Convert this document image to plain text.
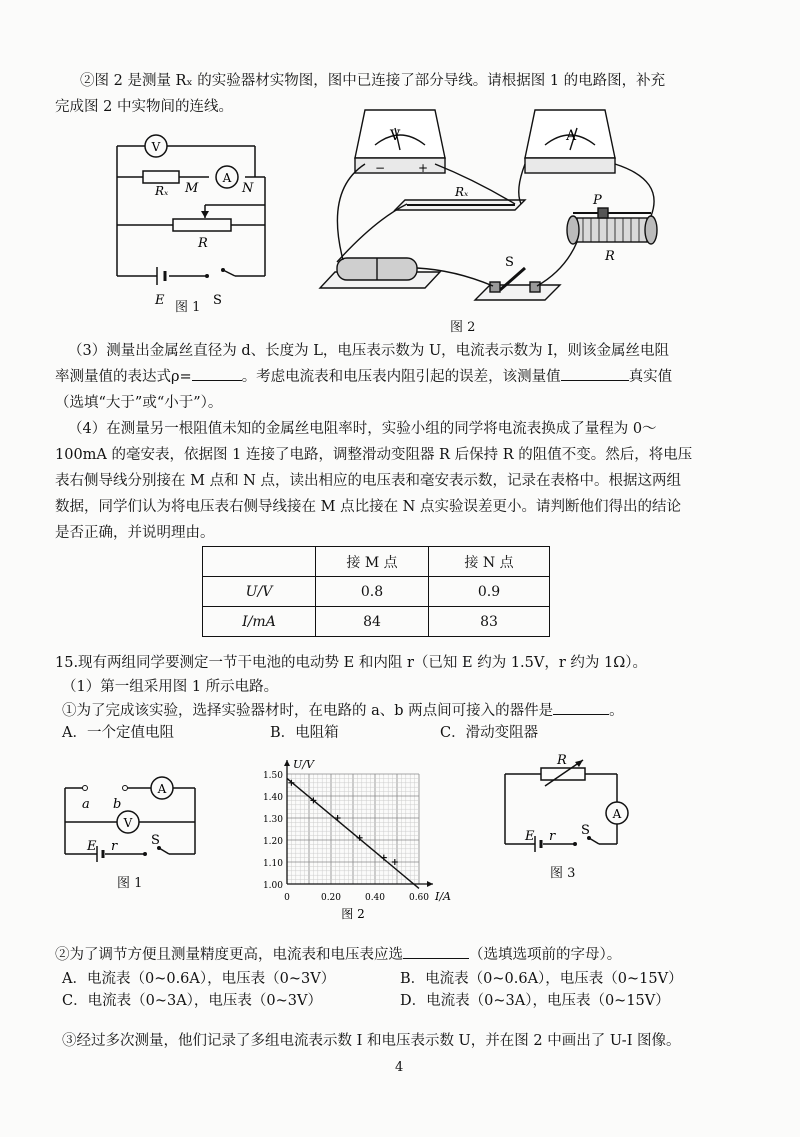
②图 2 是测量 Rₓ 的实验器材实物图，图中已连接了部分导线。请根据图 1 的电路图，补充
完成图 2 中实物间的连线。
V
A
Rₓ M	N
R
E	S
图 1
V	A
−	+
Rₓ
P
R
S
图 2
（3）测量出金属丝直径为 d、长度为 L，电压表示数为 U，电流表示数为 I，则该金属丝电阻
率测量值的表达式ρ=	。考虑电流表和电压表内阻引起的误差，该测量值	真实值
（选填“大于”或“小于”）。
（4）在测量另一根阻值未知的金属丝电阻率时，实验小组的同学将电流表换成了量程为 0～
100mA 的毫安表，依据图 1 连接了电路，调整滑动变阻器 R 后保持 R 的阻值不变。然后，将电压
表右侧导线分别接在 M 点和 N 点，读出相应的电压表和毫安表示数，记录在表格中。根据这两组
数据，同学们认为将电压表右侧导线接在 M 点比接在 N 点实验误差更小。请判断他们得出的结论
是否正确，并说明理由。
	接 M 点	接 N 点
U/V	0.8	0.9
I/mA	84	83
15.现有两组同学要测定一节干电池的电动势 E 和内阻 r（已知 E 约为 1.5V，r 约为 1Ω）。
（1）第一组采用图 1 所示电路。
①为了完成该实验，选择实验器材时，在电路的 a、b 两点间可接入的器件是	。
A．一个定值电阻	B．电阻箱	C．滑动变阻器
A
V
a b
E r	S
图 1	1.00
1.10
1.20
1.30
1.40
1.50
0	0.20	0.40	0.60
U/V
I/A
图 2
A
R
E r S
图 3
②为了调节方便且测量精度更高，电流表和电压表应选	（选填选项前的字母）。
A．电流表（0~0.6A），电压表（0~3V）	B．电流表（0~0.6A），电压表（0~15V）
C．电流表（0~3A），电压表（0~3V）	D．电流表（0~3A），电压表（0~15V）
③经过多次测量，他们记录了多组电流表示数 I 和电压表示数 U，并在图 2 中画出了 U-I 图像。
4
